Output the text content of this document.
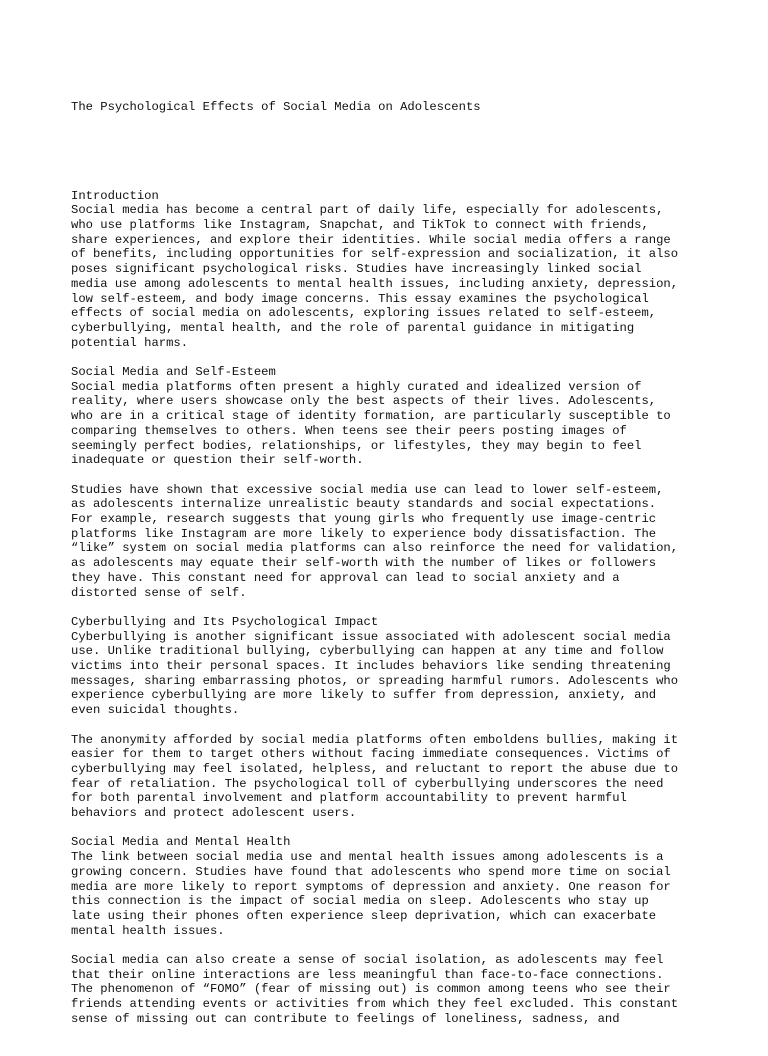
The Psychological Effects of Social Media on Adolescents

Introduction
Social media has become a central part of daily life, especially for adolescents,
who use platforms like Instagram, Snapchat, and TikTok to connect with friends,
share experiences, and explore their identities. While social media offers a range
of benefits, including opportunities for self-expression and socialization, it also
poses significant psychological risks. Studies have increasingly linked social
media use among adolescents to mental health issues, including anxiety, depression,
low self-esteem, and body image concerns. This essay examines the psychological
effects of social media on adolescents, exploring issues related to self-esteem,
cyberbullying, mental health, and the role of parental guidance in mitigating
potential harms.
Social Media and Self-Esteem
Social media platforms often present a highly curated and idealized version of
reality, where users showcase only the best aspects of their lives. Adolescents,
who are in a critical stage of identity formation, are particularly susceptible to
comparing themselves to others. When teens see their peers posting images of
seemingly perfect bodies, relationships, or lifestyles, they may begin to feel
inadequate or question their self-worth.
Studies have shown that excessive social media use can lead to lower self-esteem,
as adolescents internalize unrealistic beauty standards and social expectations.
For example, research suggests that young girls who frequently use image-centric
platforms like Instagram are more likely to experience body dissatisfaction. The
“like” system on social media platforms can also reinforce the need for validation,
as adolescents may equate their self-worth with the number of likes or followers
they have. This constant need for approval can lead to social anxiety and a
distorted sense of self.
Cyberbullying and Its Psychological Impact
Cyberbullying is another significant issue associated with adolescent social media
use. Unlike traditional bullying, cyberbullying can happen at any time and follow
victims into their personal spaces. It includes behaviors like sending threatening
messages, sharing embarrassing photos, or spreading harmful rumors. Adolescents who
experience cyberbullying are more likely to suffer from depression, anxiety, and
even suicidal thoughts.
The anonymity afforded by social media platforms often emboldens bullies, making it
easier for them to target others without facing immediate consequences. Victims of
cyberbullying may feel isolated, helpless, and reluctant to report the abuse due to
fear of retaliation. The psychological toll of cyberbullying underscores the need
for both parental involvement and platform accountability to prevent harmful
behaviors and protect adolescent users.
Social Media and Mental Health
The link between social media use and mental health issues among adolescents is a
growing concern. Studies have found that adolescents who spend more time on social
media are more likely to report symptoms of depression and anxiety. One reason for
this connection is the impact of social media on sleep. Adolescents who stay up
late using their phones often experience sleep deprivation, which can exacerbate
mental health issues.
Social media can also create a sense of social isolation, as adolescents may feel
that their online interactions are less meaningful than face-to-face connections.
The phenomenon of “FOMO” (fear of missing out) is common among teens who see their
friends attending events or activities from which they feel excluded. This constant
sense of missing out can contribute to feelings of loneliness, sadness, and
